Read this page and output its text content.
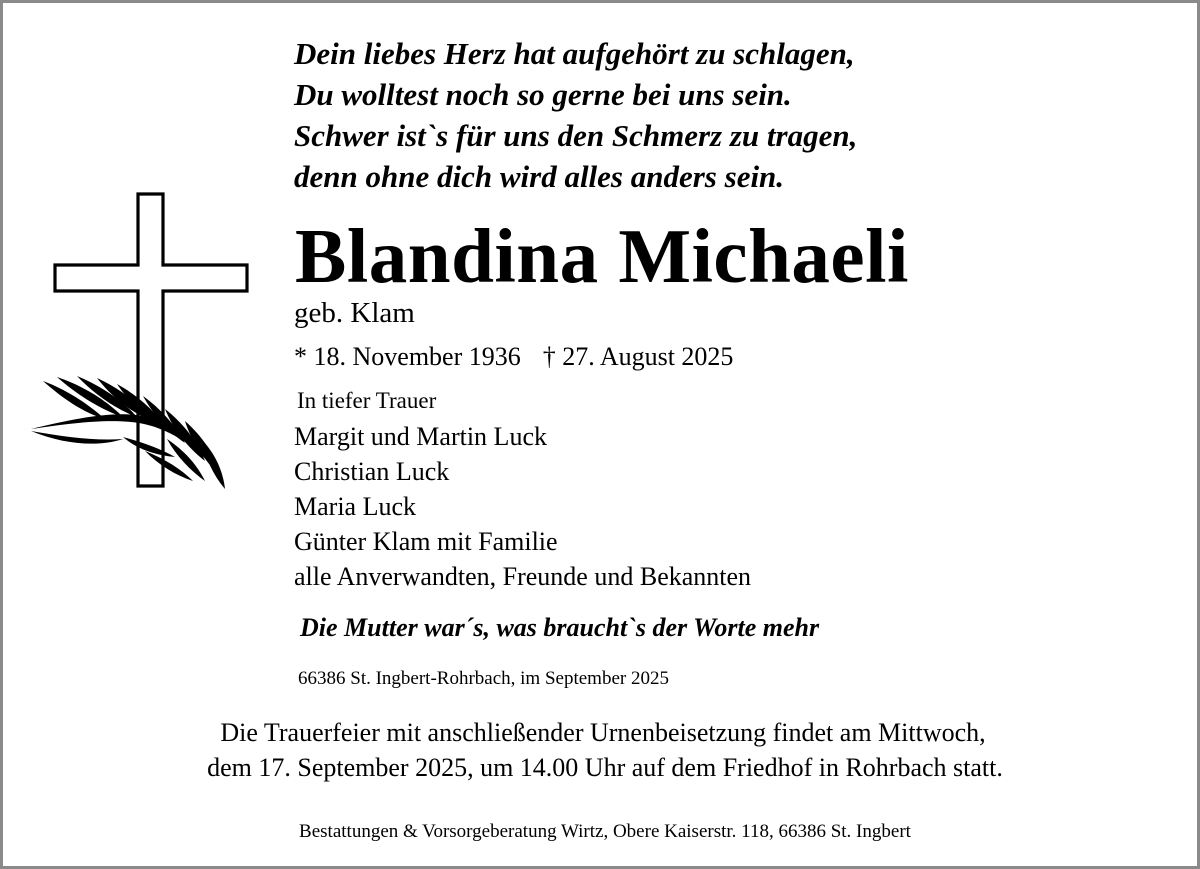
Dein liebes Herz hat aufgehört zu schlagen,
Du wolltest noch so gerne bei uns sein.
Schwer ist`s für uns den Schmerz zu tragen,
denn ohne dich wird alles anders sein.
Blandina Michaeli
geb. Klam
* 18. November 1936 † 27. August 2025
In tiefer Trauer
Margit und Martin Luck
Christian Luck
Maria Luck
Günter Klam mit Familie
alle Anverwandten, Freunde und Bekannten
Die Mutter war´s, was braucht`s der Worte mehr
66386 St. Ingbert-Rohrbach, im September 2025
Die Trauerfeier mit anschließender Urnenbeisetzung findet am Mittwoch,
dem 17. September 2025, um 14.00 Uhr auf dem Friedhof in Rohrbach statt.
Bestattungen & Vorsorgeberatung Wirtz, Obere Kaiserstr. 118, 66386 St. Ingbert
